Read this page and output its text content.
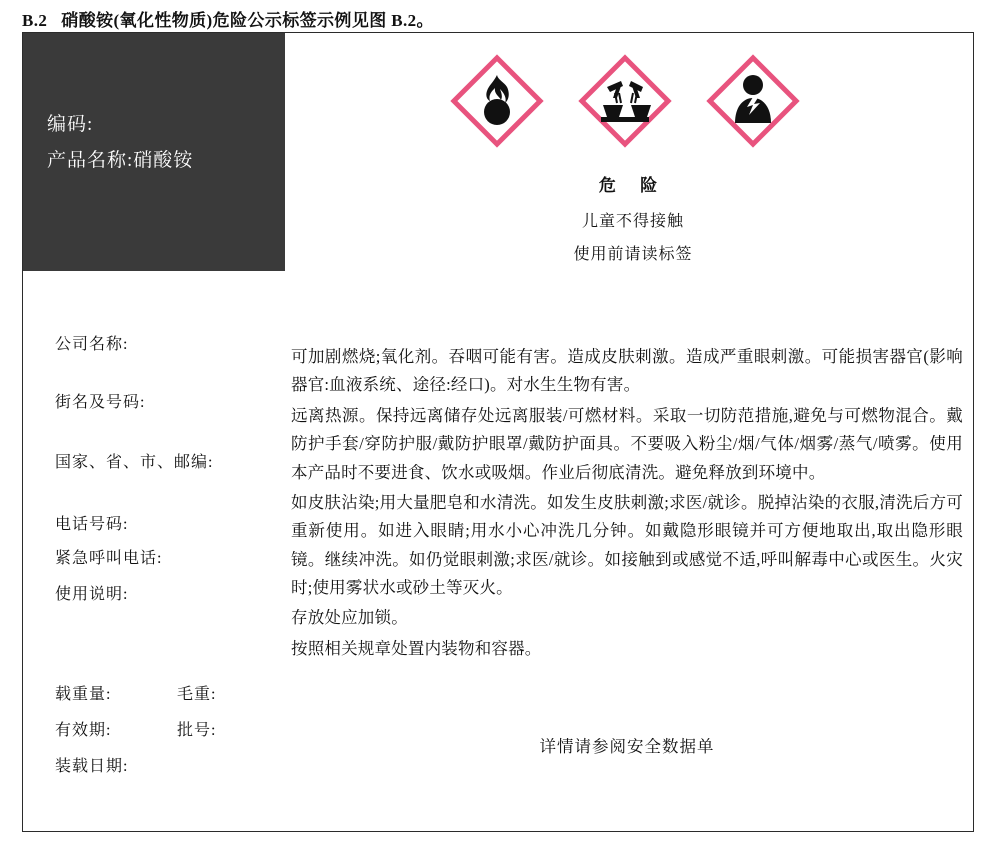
B.2 硝酸铵(氧化性物质)危险公示标签示例见图 B.2。
编码:
产品名称:硝酸铵
危 险
儿童不得接触
使用前请读标签
公司名称:
街名及号码:
国家、省、市、邮编:
电话号码:
紧急呼叫电话:
使用说明:
载重量:	毛重:
有效期:	批号:
装载日期:

可加剧燃烧;氧化剂。吞咽可能有害。造成皮肤刺激。造成严重眼刺激。可能损害器官(影响器官:血液系统、途径:经口)。对水生生物有害。

远离热源。保持远离储存处远离服装/可燃材料。采取一切防范措施,避免与可燃物混合。戴防护手套/穿防护服/戴防护眼罩/戴防护面具。不要吸入粉尘/烟/气体/烟雾/蒸气/喷雾。使用本产品时不要进食、饮水或吸烟。作业后彻底清洗。避免释放到环境中。

如皮肤沾染;用大量肥皂和水清洗。如发生皮肤刺激;求医/就诊。脱掉沾染的衣服,清洗后方可重新使用。如进入眼睛;用水小心冲洗几分钟。如戴隐形眼镜并可方便地取出,取出隐形眼镜。继续冲洗。如仍觉眼刺激;求医/就诊。如接触到或感觉不适,呼叫解毒中心或医生。火灾时;使用雾状水或砂土等灭火。

存放处应加锁。

按照相关规章处置内装物和容器。

详情请参阅安全数据单
